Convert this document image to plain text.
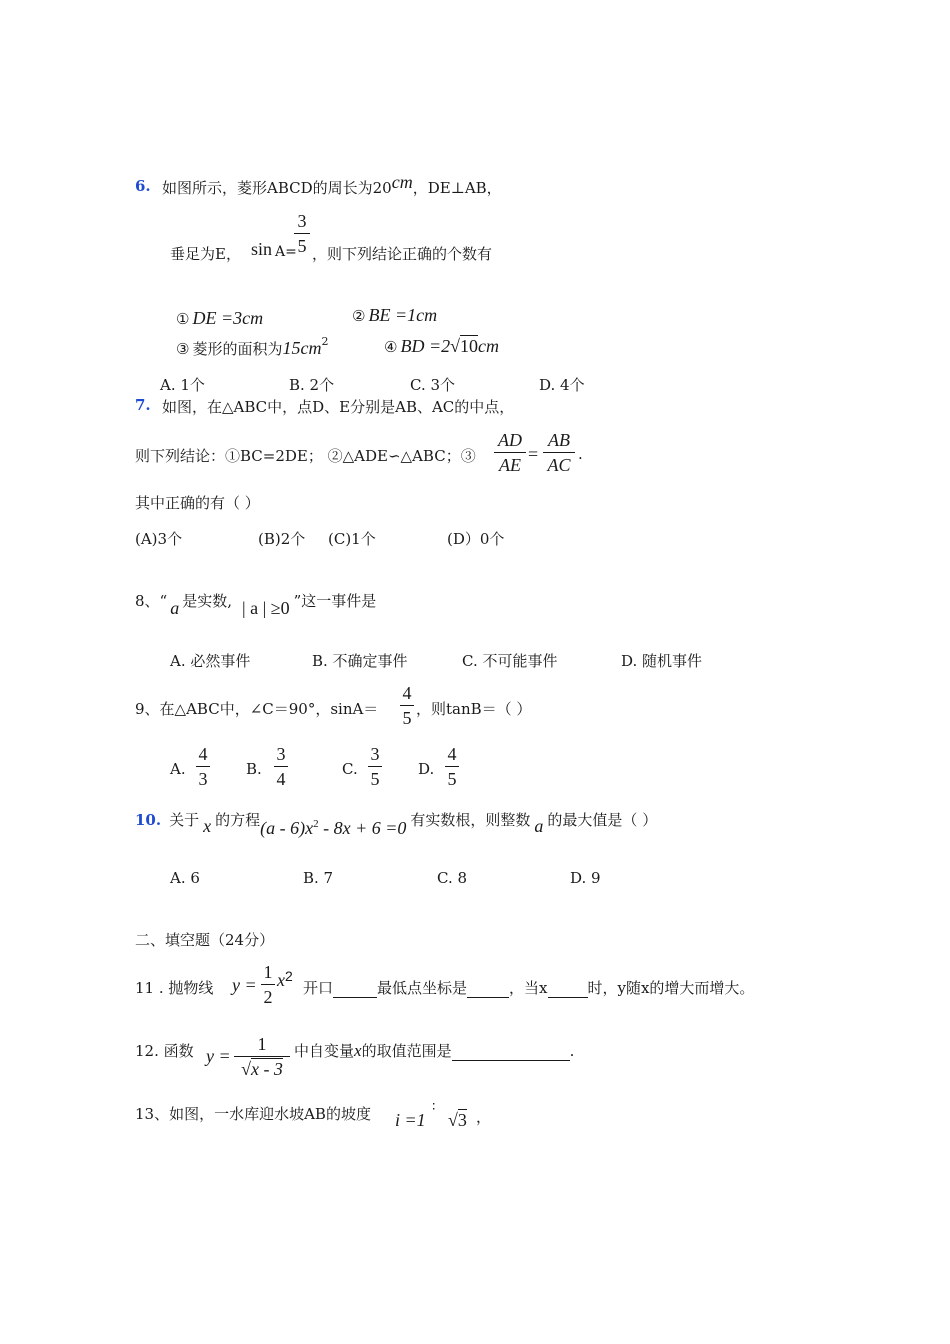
6. 如图所示，菱形ABCD的周长为20cm，DE⊥AB，
垂足为E， sin A=
3
5 ，则下列结论正确的个数有
① DE =3cm	② BE =1cm
③ 菱形的面积为$15cm^2$	④ BD =2√10cm
A. 1个	B. 2个	C. 3个	D. 4个
7. 如图，在△ABC中，点D、E分别是AB、AC的中点，
则下列结论：①BC=2DE； ②△ADE∽△ABC；③
AD
AE
=
AB
AC
.
其中正确的有（ ）
(A)3个	(B)2个 (C)1个	(D）0个
8、“ a 是实数, | a | ≥0 ”这一事件是
A. 必然事件	B. 不确定事件	C. 不可能事件	D. 随机事件
9、在△ABC中，∠C＝90°，sinA＝
4
5 ，则tanB＝（ ）
A.
4
3	B.
3
4	C.
3
5	D.
4
5
10. 关于 x 的方程$(a - 6)x^2 - 8x + 6 =0$ 有实数根，则整数 a 的最大值是（ ）
A. 6	B. 7	C. 8	D. 9
二、填空题（24分）
11 . 抛物线 y =
1
2
x2
开口	最低点坐标是	，当x	时，y随x的增大而增大。
12. 函数 y =
1
√x - 3
中自变量x的取值范围是	.
13、如图，一水库迎水坡AB的坡度 i =1
∶
√3 ，
